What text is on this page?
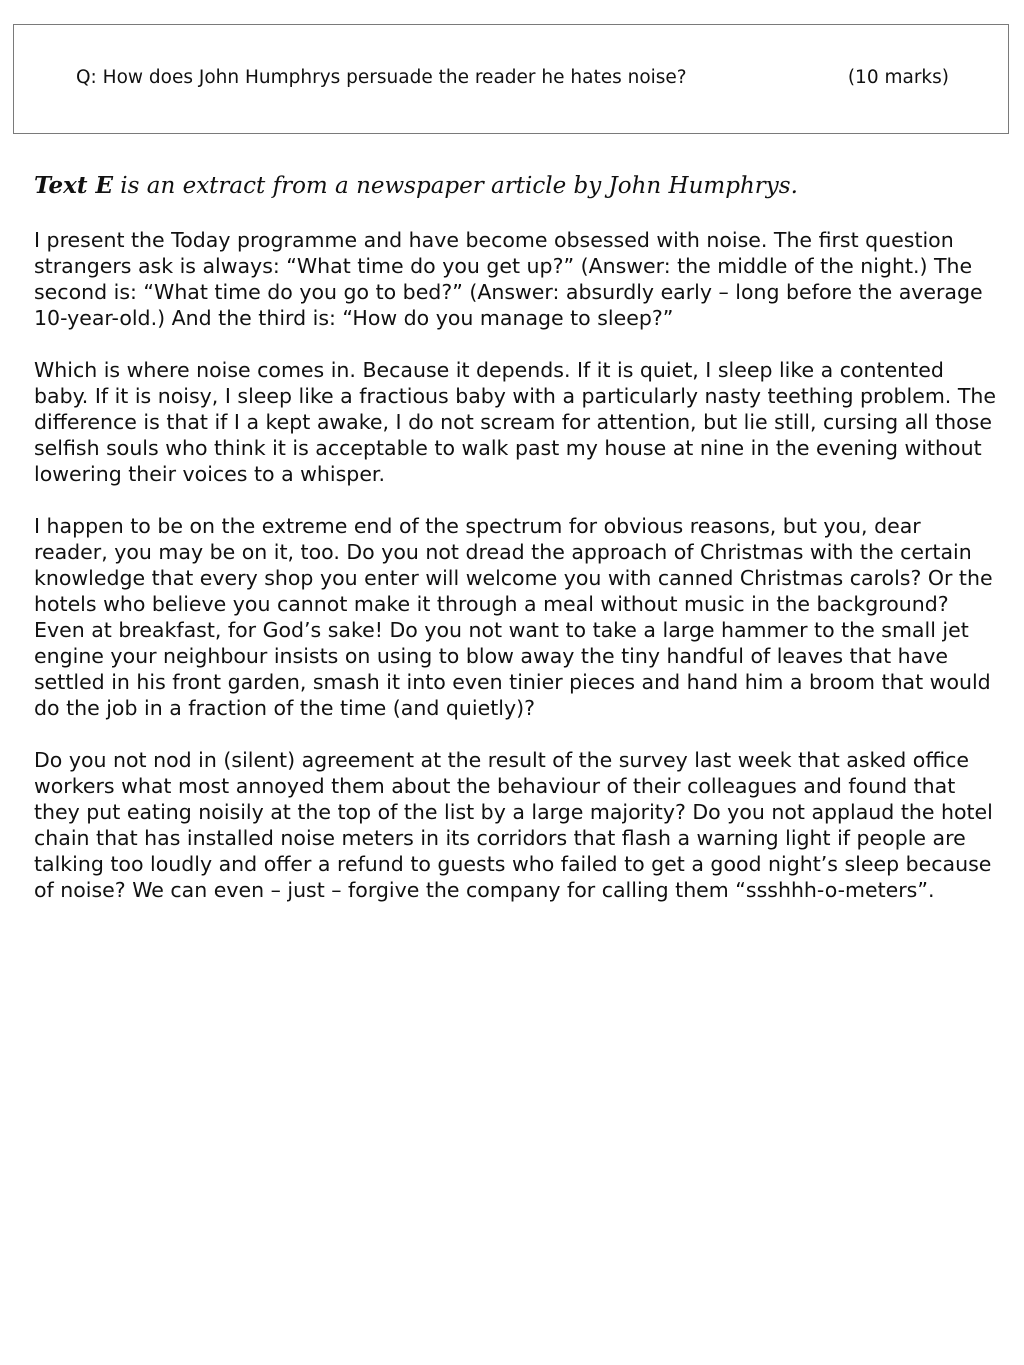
Q: How does John Humphrys persuade the reader he hates noise?	(10 marks)
Text E is an extract from a newspaper article by John Humphrys.

I present the Today programme and have become obsessed with noise. The first question strangers ask is always: “What time do you get up?” (Answer: the middle of the night.) The second is: “What time do you go to bed?” (Answer: absurdly early – long before the average 10-year-old.) And the third is: “How do you manage to sleep?”

Which is where noise comes in. Because it depends. If it is quiet, I sleep like a contented baby. If it is noisy, I sleep like a fractious baby with a particularly nasty teething problem. The difference is that if I a kept awake, I do not scream for attention, but lie still, cursing all those selfish souls who think it is acceptable to walk past my house at nine in the evening without lowering their voices to a whisper.

I happen to be on the extreme end of the spectrum for obvious reasons, but you, dear reader, you may be on it, too. Do you not dread the approach of Christmas with the certain knowledge that every shop you enter will welcome you with canned Christmas carols? Or the hotels who believe you cannot make it through a meal without music in the background? Even at breakfast, for God’s sake! Do you not want to take a large hammer to the small jet engine your neighbour insists on using to blow away the tiny handful of leaves that have settled in his front garden, smash it into even tinier pieces and hand him a broom that would do the job in a fraction of the time (and quietly)?

Do you not nod in (silent) agreement at the result of the survey last week that asked office workers what most annoyed them about the behaviour of their colleagues and found that they put eating noisily at the top of the list by a large majority? Do you not applaud the hotel chain that has installed noise meters in its corridors that flash a warning light if people are talking too loudly and offer a refund to guests who failed to get a good night’s sleep because of noise? We can even – just – forgive the company for calling them “ssshhh-o-meters”.
